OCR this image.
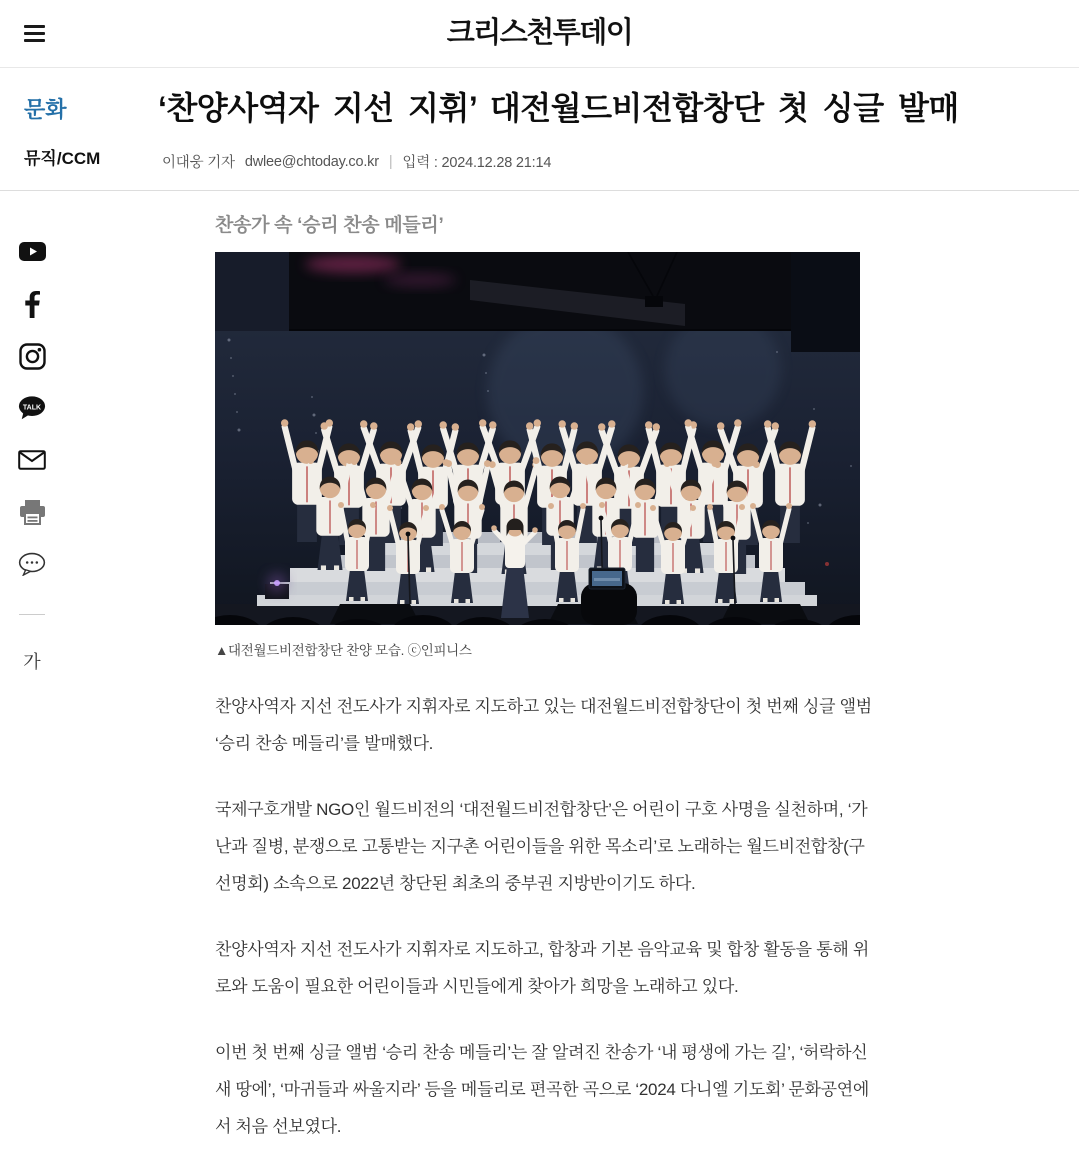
크리스천투데이
문화
뮤직/CCM
‘찬양사역자 지선 지휘’ 대전월드비전합창단 첫 싱글 발매
이대웅 기자 dwlee@chtoday.co.kr | 입력 : 2024.12.28 21:14
TALK
가
찬송가 속 ‘승리 찬송 메들리’
▲대전월드비전합창단 찬양 모습. ⓒ인피니스

찬양사역자 지선 전도사가 지휘자로 지도하고 있는 대전월드비전합창단이 첫 번째 싱글 앨범 ‘승리 찬송 메들리’를 발매했다.

국제구호개발 NGO인 월드비전의 ‘대전월드비전합창단’은 어린이 구호 사명을 실천하며, ‘가난과 질병, 분쟁으로 고통받는 지구촌 어린이들을 위한 목소리’로 노래하는 월드비전합창(구 선명회) 소속으로 2022년 창단된 최초의 중부권 지방반이기도 하다.

찬양사역자 지선 전도사가 지휘자로 지도하고, 합창과 기본 음악교육 및 합창 활동을 통해 위로와 도움이 필요한 어린이들과 시민들에게 찾아가 희망을 노래하고 있다.

이번 첫 번째 싱글 앨범 ‘승리 찬송 메들리’는 잘 알려진 찬송가 ‘내 평생에 가는 길’, ‘허락하신 새 땅에’, ‘마귀들과 싸울지라’ 등을 메들리로 편곡한 곡으로 ‘2024 다니엘 기도회’ 문화공연에서 처음 선보였다.
